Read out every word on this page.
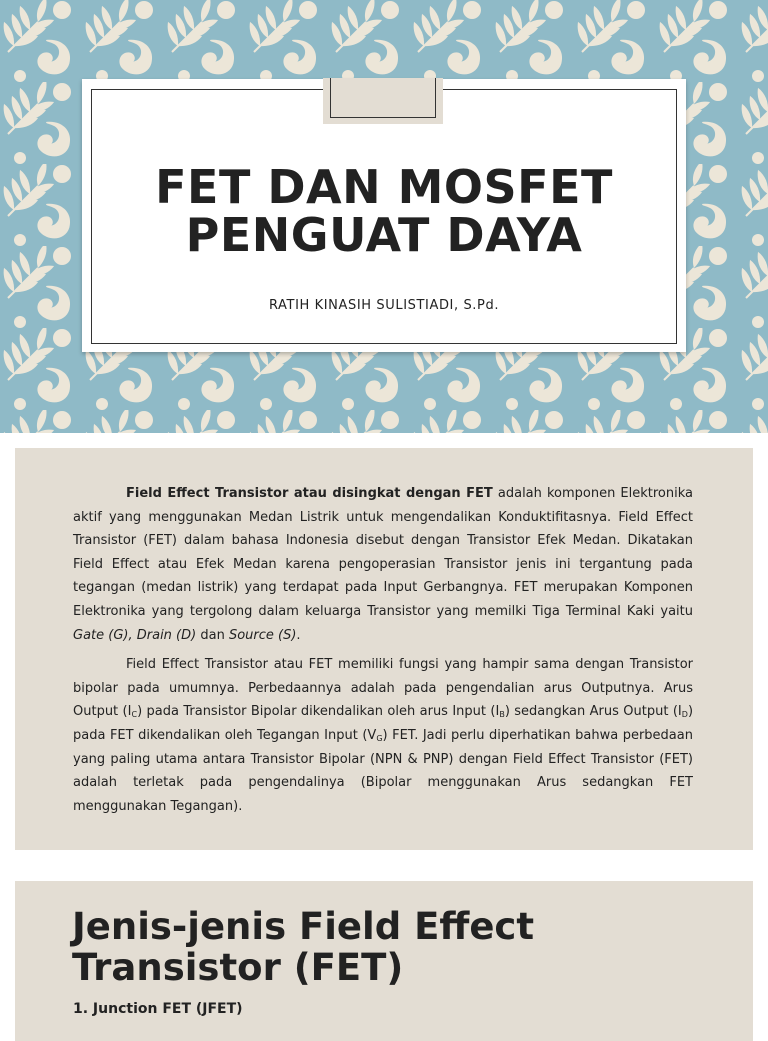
FET DAN MOSFET
PENGUAT DAYA
RATIH KINASIH SULISTIADI, S.Pd.

Field Effect Transistor atau disingkat dengan FET adalah komponen Elektronika aktif yang menggunakan Medan Listrik untuk mengendalikan Konduktifitasnya. Field Effect Transistor (FET) dalam bahasa Indonesia disebut dengan Transistor Efek Medan. Dikatakan Field Effect atau Efek Medan karena pengoperasian Transistor jenis ini tergantung pada tegangan (medan listrik) yang terdapat pada Input Gerbangnya. FET merupakan Komponen Elektronika yang tergolong dalam keluarga Transistor yang memilki Tiga Terminal Kaki yaitu Gate (G), Drain (D) dan Source (S).

Field Effect Transistor atau FET memiliki fungsi yang hampir sama dengan Transistor bipolar pada umumnya. Perbedaannya adalah pada pengendalian arus Outputnya. Arus Output $(I_C)$ pada Transistor Bipolar dikendalikan oleh arus Input $(I_B)$ sedangkan Arus Output $(I_D)$ pada FET dikendalikan oleh Tegangan Input $(V_G)$ FET. Jadi perlu diperhatikan bahwa perbedaan yang paling utama antara Transistor Bipolar (NPN & PNP) dengan Field Effect Transistor (FET) adalah terletak pada pengendalinya (Bipolar menggunakan Arus sedangkan FET menggunakan Tegangan).

Jenis-jenis Field Effect Transistor (FET)
1. Junction FET (JFET)
